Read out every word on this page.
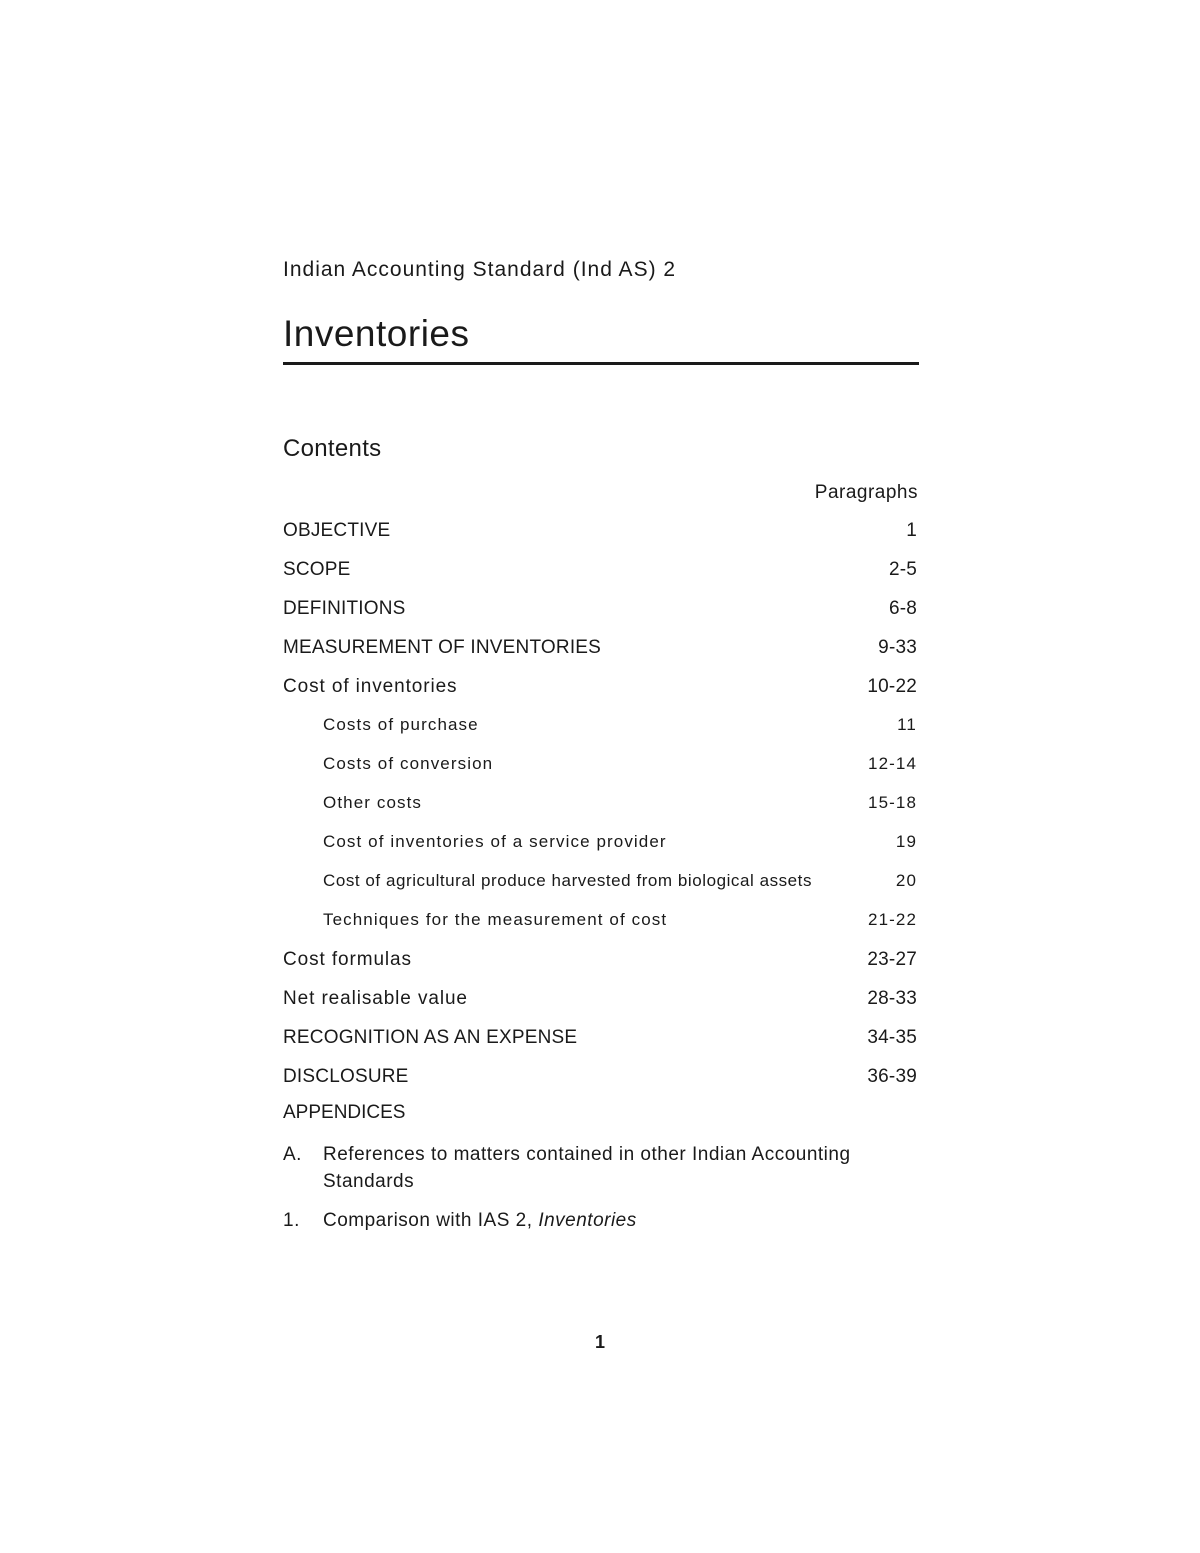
Indian Accounting Standard (Ind AS) 2
Inventories
Contents
Paragraphs
OBJECTIVE	1
SCOPE	2-5
DEFINITIONS	6-8
MEASUREMENT OF INVENTORIES	9-33
Cost of inventories	10-22
Costs of purchase	11
Costs of conversion	12-14
Other costs	15-18
Cost of inventories of a service provider	19
Cost of agricultural produce harvested from biological assets	20
Techniques for the measurement of cost	21-22
Cost formulas	23-27
Net realisable value	28-33
RECOGNITION AS AN EXPENSE	34-35
DISCLOSURE	36-39
APPENDICES
A. References to matters contained in other Indian Accounting Standards
1. Comparison with IAS 2, Inventories
1
